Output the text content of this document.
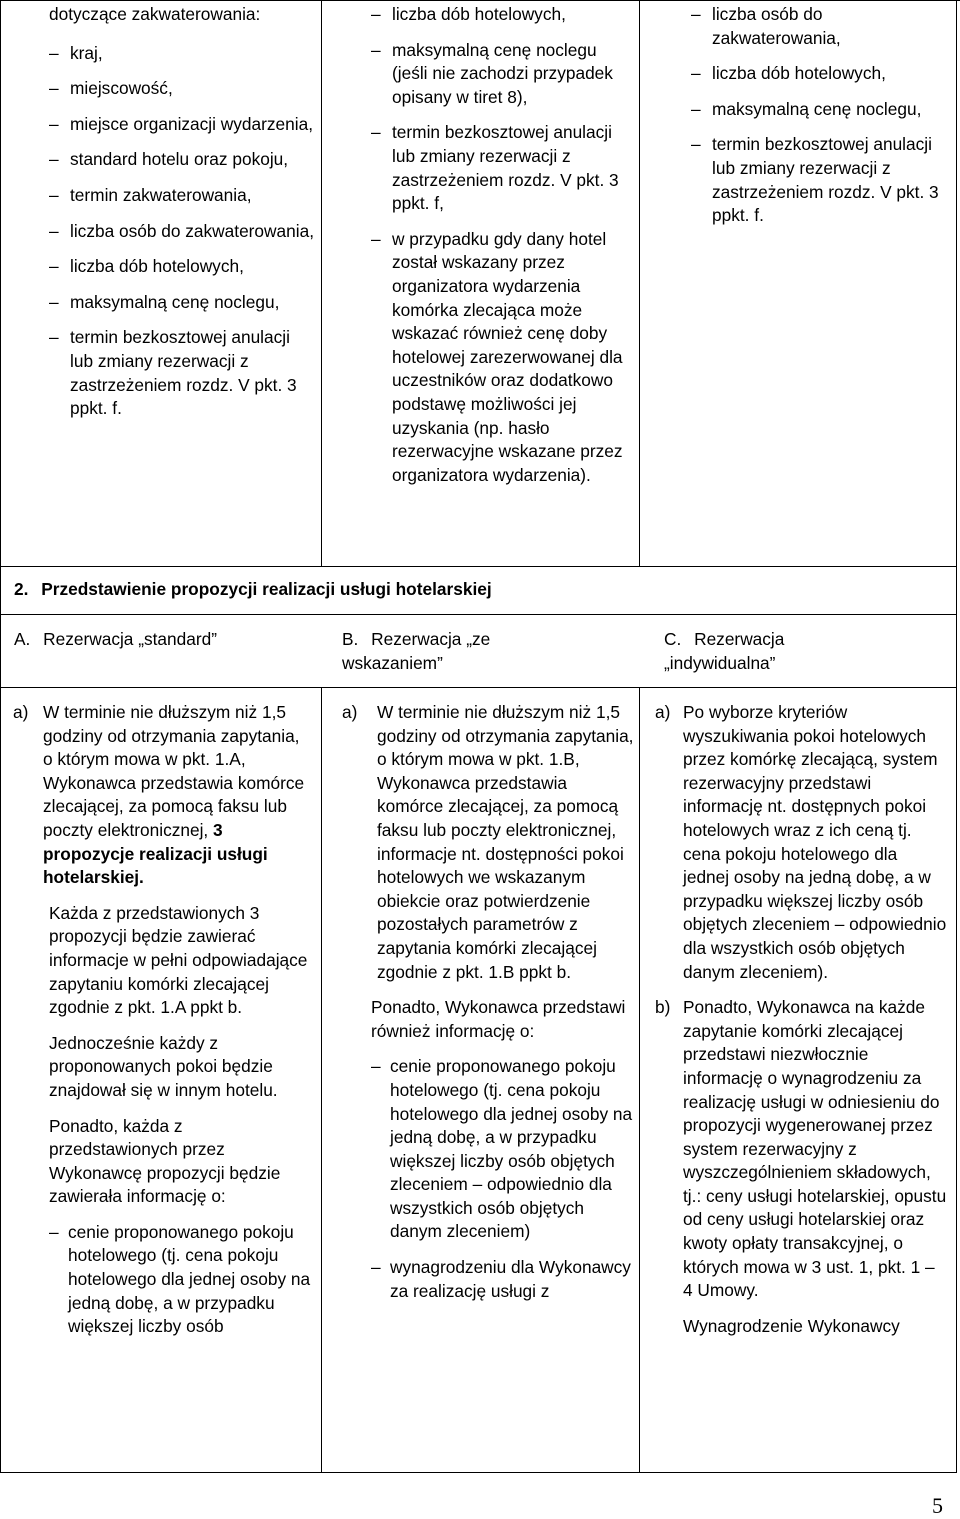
dotyczące zakwaterowania:

– kraj,

– miejscowość,

– miejsce organizacji wydarzenia,

– standard hotelu oraz pokoju,

– termin zakwaterowania,

– liczba osób do zakwaterowania,

– liczba dób hotelowych,

– maksymalną cenę noclegu,

– termin bezkosztowej anulacji lub zmiany rezerwacji z zastrzeżeniem rozdz. V pkt. 3 ppkt. f.

– liczba dób hotelowych,

– maksymalną cenę noclegu (jeśli nie zachodzi przypadek opisany w tiret 8),

– termin bezkosztowej anulacji lub zmiany rezerwacji z zastrzeżeniem rozdz. V pkt. 3 ppkt. f,

– w przypadku gdy dany hotel został wskazany przez organizatora wydarzenia komórka zlecająca może wskazać również cenę doby hotelowej zarezerwowanej dla uczestników oraz dodatkowo podstawę możliwości jej uzyskania (np. hasło rezerwacyjne wskazane przez organizatora wydarzenia).

– liczba osób do zakwaterowania,

– liczba dób hotelowych,

– maksymalną cenę noclegu,

– termin bezkosztowej anulacji lub zmiany rezerwacji z zastrzeżeniem rozdz. V pkt. 3 ppkt. f.

2. Przedstawienie propozycji realizacji usługi hotelarskiej
A. Rezerwacja „standard”	B. Rezerwacja „ze wskazaniem”
C. Rezerwacja „indywidualna”

a) W terminie nie dłuższym niż 1,5 godziny od otrzymania zapytania, o którym mowa w pkt. 1.A, Wykonawca przedstawia komórce zlecającej, za pomocą faksu lub poczty elektronicznej, 3 propozycje realizacji usługi hotelarskiej.

Każda z przedstawionych 3 propozycji będzie zawierać informacje w pełni odpowiadające zapytaniu komórki zlecającej zgodnie z pkt. 1.A ppkt b.

Jednocześnie każdy z proponowanych pokoi będzie znajdował się w innym hotelu.

Ponadto, każda z przedstawionych przez Wykonawcę propozycji będzie zawierała informację o:

– cenie proponowanego pokoju hotelowego (tj. cena pokoju hotelowego dla jednej osoby na jedną dobę, a w przypadku większej liczby osób

a) W terminie nie dłuższym niż 1,5 godziny od otrzymania zapytania, o którym mowa w pkt. 1.B, Wykonawca przedstawia komórce zlecającej, za pomocą faksu lub poczty elektronicznej, informacje nt. dostępności pokoi hotelowych we wskazanym obiekcie oraz potwierdzenie pozostałych parametrów z zapytania komórki zlecającej zgodnie z pkt. 1.B ppkt b.

Ponadto, Wykonawca przedstawi również informację o:

– cenie proponowanego pokoju hotelowego (tj. cena pokoju hotelowego dla jednej osoby na jedną dobę, a w przypadku większej liczby osób objętych zleceniem – odpowiednio dla wszystkich osób objętych danym zleceniem)

– wynagrodzeniu dla Wykonawcy za realizację usługi z

a) Po wyborze kryteriów wyszukiwania pokoi hotelowych przez komórkę zlecającą, system rezerwacyjny przedstawi informację nt. dostępnych pokoi hotelowych wraz z ich ceną tj. cena pokoju hotelowego dla jednej osoby na jedną dobę, a w przypadku większej liczby osób objętych zleceniem – odpowiednio dla wszystkich osób objętych danym zleceniem).

b) Ponadto, Wykonawca na każde zapytanie komórki zlecającej przedstawi niezwłocznie informację o wynagrodzeniu za realizację usługi w odniesieniu do propozycji wygenerowanej przez system rezerwacyjny z wyszczególnieniem składowych, tj.: ceny usługi hotelarskiej, opustu od ceny usługi hotelarskiej oraz kwoty opłaty transakcyjnej, o których mowa w 3 ust. 1, pkt. 1 – 4 Umowy.

Wynagrodzenie Wykonawcy

5
